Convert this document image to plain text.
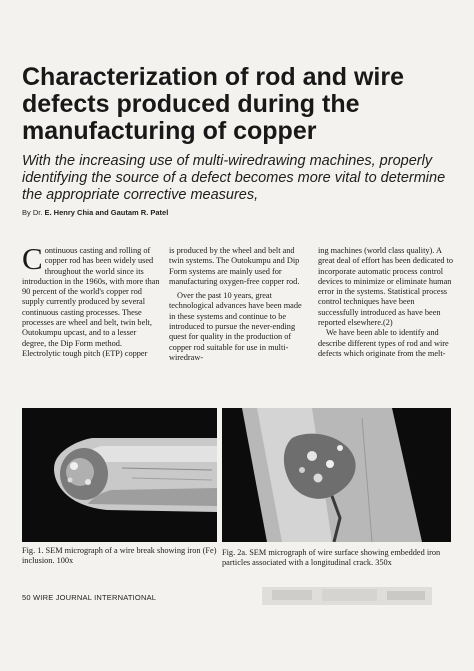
Characterization of rod and wire defects produced during the manufacturing of copper

With the increasing use of multi-wiredrawing machines, properly identifying the source of a defect becomes more vital to determine the appropriate corrective measures,

By Dr. E. Henry Chia and Gautam R. Patel

Continuous casting and rolling of copper rod has been widely used throughout the world since its introduction in the 1960s, with more than 90 percent of the world's copper rod supply currently produced by several continuous casting processes. These processes are wheel and belt, twin belt, Outokumpu upcast, and to a lesser degree, the Dip Form method. Electrolytic tough pitch (ETP) copper

is produced by the wheel and belt and twin systems. The Outokumpu and Dip Form systems are mainly used for manufacturing oxygen-free copper rod.

Over the past 10 years, great technological advances have been made in these systems and continue to be introduced to pursue the never-ending quest for quality in the production of copper rod suitable for use in multi-wiredraw-

ing machines (world class quality). A great deal of effort has been dedicated to incorporate automatic process control devices to minimize or eliminate human error in the systems. Statistical process control techniques have been successfully introduced as have been reported elsewhere.(2)

We have been able to identify and describe different types of rod and wire defects which originate from the melt-

Fig. 1. SEM micrograph of a wire break showing iron (Fe) inclusion. 100x

Fig. 2a. SEM micrograph of wire surface showing embedded iron particles associated with a longitudinal crack. 350x

50 WIRE JOURNAL INTERNATIONAL
